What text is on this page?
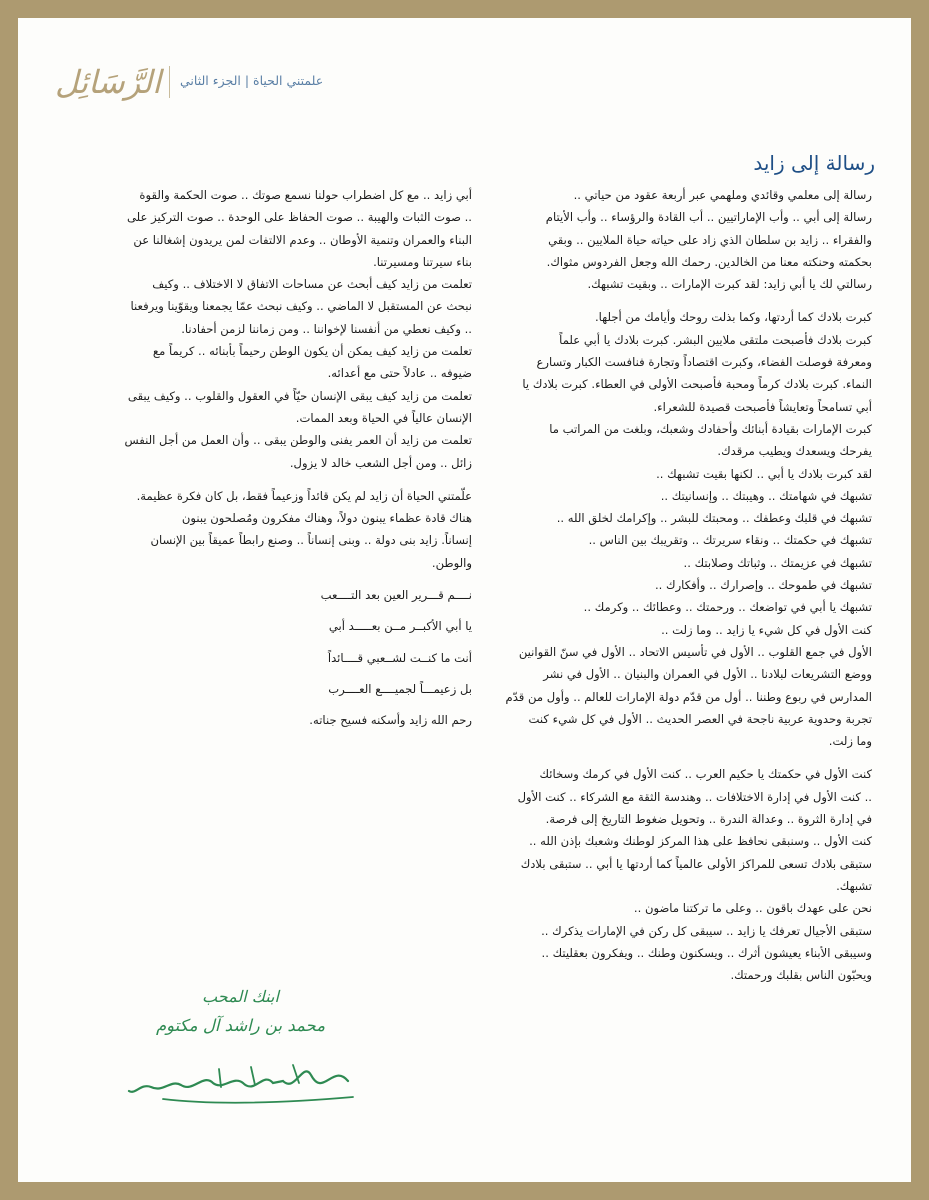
الرَّسَائِل علمتني الحياة | الجزء الثاني
رسالة إلى زايد
رسالة إلى معلمي وقائدي وملهمي عبر أربعة عقود من حياتي ..
رسالة إلى أبي .. وأب الإماراتيين .. أب القادة والرؤساء .. وأب الأيتام
والفقراء .. زايد بن سلطان الذي زاد على حياته حياة الملايين .. وبقي
بحكمته وحنكته معنا من الخالدين. رحمك الله وجعل الفردوس مثواك.
رسالتي لك يا أبي زايد: لقد كبرت الإمارات .. وبقيت تشبهك.
كبرت بلادك كما أردتها، وكما بذلت روحك وأيامك من أجلها.
كبرت بلادك فأصبحت ملتقى ملايين البشر. كبرت بلادك يا أبي علماً
ومعرفة فوصلت الفضاء، وكبرت اقتصاداً وتجارة فنافست الكبار وتسارع
النماء. كبرت بلادك كرماً ومحبة فأصبحت الأولى في العطاء. كبرت بلادك يا
أبي تسامحاً وتعايشاً فأصبحت قصيدة للشعراء.
كبرت الإمارات بقيادة أبنائك وأحفادك وشعبك، وبلغت من المراتب ما
يفرحك ويسعدك ويطيب مرقدك.
لقد كبرت بلادك يا أبي .. لكنها بقيت تشبهك ..
تشبهك في شهامتك .. وهيبتك .. وإنسانيتك ..
تشبهك في قلبك وعطفك .. ومحبتك للبشر .. وإكرامك لخلق الله ..
تشبهك في حكمتك .. ونقاء سريرتك .. وتقريبك بين الناس ..
تشبهك في عزيمتك .. وثباتك وصلابتك ..
تشبهك في طموحك .. وإصرارك .. وأفكارك ..
تشبهك يا أبي في تواضعك .. ورحمتك .. وعطائك .. وكرمك ..
كنت الأول في كل شيء يا زايد .. وما زلت ..
الأول في جمع القلوب .. الأول في تأسيس الاتحاد .. الأول في سنّ القوانين
ووضع التشريعات لبلادنا .. الأول في العمران والبنيان .. الأول في نشر
المدارس في ربوع وطننا .. أول من قدّم دولة الإمارات للعالم .. وأول من قدّم
تجربة وحدوية عربية ناجحة في العصر الحديث .. الأول في كل شيء كنت
وما زلت.
كنت الأول في حكمتك يا حكيم العرب .. كنت الأول في كرمك وسخائك
.. كنت الأول في إدارة الاختلافات .. وهندسة الثقة مع الشركاء .. كنت الأول
في إدارة الثروة .. وعدالة الندرة .. وتحويل ضغوط التاريخ إلى فرصة.
كنت الأول .. وسنبقى نحافظ على هذا المركز لوطنك وشعبك بإذن الله ..
ستبقى بلادك تسعى للمراكز الأولى عالمياً كما أردتها يا أبي .. ستبقى بلادك
تشبهك.
نحن على عهدك باقون .. وعلى ما تركتنا ماضون ..
ستبقى الأجيال تعرفك يا زايد .. سيبقى كل ركن في الإمارات يذكرك ..
وسيبقى الأبناء يعيشون أثرك .. ويسكنون وطنك .. ويفكرون بعقليتك ..
ويحبّون الناس بقلبك ورحمتك.
أبي زايد .. مع كل اضطراب حولنا نسمع صوتك .. صوت الحكمة والقوة
.. صوت الثبات والهيبة .. صوت الحفاظ على الوحدة .. صوت التركيز على
البناء والعمران وتنمية الأوطان .. وعدم الالتفات لمن يريدون إشغالنا عن
بناء سيرتنا ومسيرتنا.
تعلمت من زايد كيف أبحث عن مساحات الاتفاق لا الاختلاف .. وكيف
نبحث عن المستقبل لا الماضي .. وكيف نبحث عمّا يجمعنا ويقوّينا ويرفعنا
.. وكيف نعطي من أنفسنا لإخواننا .. ومن زماننا لزمن أحفادنا.
تعلمت من زايد كيف يمكن أن يكون الوطن رحيماً بأبنائه .. كريماً مع
ضيوفه .. عادلاً حتى مع أعدائه.
تعلمت من زايد كيف يبقى الإنسان حيّاً في العقول والقلوب .. وكيف يبقى
الإنسان عالياً في الحياة وبعد الممات.
تعلمت من زايد أن العمر يفنى والوطن يبقى .. وأن العمل من أجل النفس
زائل .. ومن أجل الشعب خالد لا يزول.
علّمتني الحياة أن زايد لم يكن قائداً وزعيماً فقط، بل كان فكرة عظيمة.
هناك قادة عظماء يبنون دولاً، وهناك مفكرون ومُصلحون يبنون
إنساناً. زايد بنى دولة .. وبنى إنساناً .. وصنع رابطاً عميقاً بين الإنسان
والوطن.
نــــم قـــرير العين بعد التــــعب
يا أبي الأكبــر مــن بعـــــد أبي
أنت ما كنــت لشــعبي قــــائداً
بل زعيمـــاً لجميــــع العــــرب
رحم الله زايد وأسكنه فسيح جناته.
ابنك المحب
محمد بن راشد آل مكتوم
